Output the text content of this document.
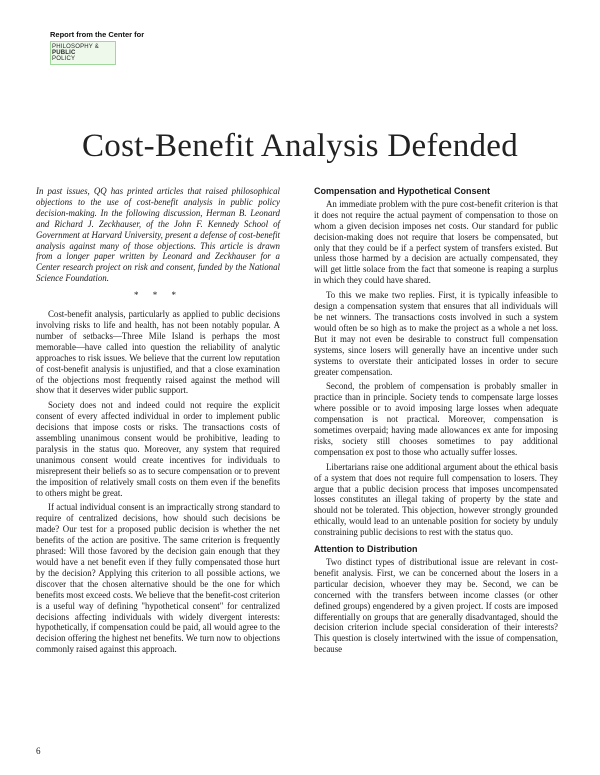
Report from the Center for
PHILOSOPHY &
PUBLIC
POLICY
Cost-Benefit Analysis Defended

In past issues, QQ has printed articles that raised philosophical objections to the use of cost-benefit analysis in public policy decision-making. In the following discussion, Herman B. Leonard and Richard J. Zeckhauser, of the John F. Kennedy School of Government at Harvard University, present a defense of cost-benefit analysis against many of those objections. This article is drawn from a longer paper written by Leonard and Zeckhauser for a Center research project on risk and consent, funded by the National Science Foundation.

* * *

Cost-benefit analysis, particularly as applied to public decisions involving risks to life and health, has not been notably popular. A number of setbacks—Three Mile Island is perhaps the most memorable—have called into question the reliability of analytic approaches to risk issues. We believe that the current low reputation of cost-benefit analysis is unjustified, and that a close examination of the objections most frequently raised against the method will show that it deserves wider public support.

Society does not and indeed could not require the explicit consent of every affected individual in order to implement public decisions that impose costs or risks. The transactions costs of assembling unanimous consent would be prohibitive, leading to paralysis in the status quo. Moreover, any system that required unanimous consent would create incentives for individuals to misrepresent their beliefs so as to secure compensation or to prevent the imposition of relatively small costs on them even if the benefits to others might be great.

If actual individual consent is an impractically strong standard to require of centralized decisions, how should such decisions be made? Our test for a proposed public decision is whether the net benefits of the action are positive. The same criterion is frequently phrased: Will those favored by the decision gain enough that they would have a net benefit even if they fully compensated those hurt by the decision? Applying this criterion to all possible actions, we discover that the chosen alternative should be the one for which benefits most exceed costs. We believe that the benefit-cost criterion is a useful way of defining "hypothetical consent" for centralized decisions affecting individuals with widely divergent interests: hypothetically, if compensation could be paid, all would agree to the decision offering the highest net benefits. We turn now to objections commonly raised against this approach.

Compensation and Hypothetical Consent

An immediate problem with the pure cost-benefit criterion is that it does not require the actual payment of compensation to those on whom a given decision imposes net costs. Our standard for public decision-making does not require that losers be compensated, but only that they could be if a perfect system of transfers existed. But unless those harmed by a decision are actually compensated, they will get little solace from the fact that someone is reaping a surplus in which they could have shared.

To this we make two replies. First, it is typically infeasible to design a compensation system that ensures that all individuals will be net winners. The transactions costs involved in such a system would often be so high as to make the project as a whole a net loss. But it may not even be desirable to construct full compensation systems, since losers will generally have an incentive under such systems to overstate their anticipated losses in order to secure greater compensation.

Second, the problem of compensation is probably smaller in practice than in principle. Society tends to compensate large losses where possible or to avoid imposing large losses when adequate compensation is not practical. Moreover, compensation is sometimes overpaid; having made allowances ex ante for imposing risks, society still chooses sometimes to pay additional compensation ex post to those who actually suffer losses.

Libertarians raise one additional argument about the ethical basis of a system that does not require full compensation to losers. They argue that a public decision process that imposes uncompensated losses constitutes an illegal taking of property by the state and should not be tolerated. This objection, however strongly grounded ethically, would lead to an untenable position for society by unduly constraining public decisions to rest with the status quo.

Attention to Distribution

Two distinct types of distributional issue are relevant in cost-benefit analysis. First, we can be concerned about the losers in a particular decision, whoever they may be. Second, we can be concerned with the transfers between income classes (or other defined groups) engendered by a given project. If costs are imposed differentially on groups that are generally disadvantaged, should the decision criterion include special consideration of their interests? This question is closely intertwined with the issue of compensation, because

6
